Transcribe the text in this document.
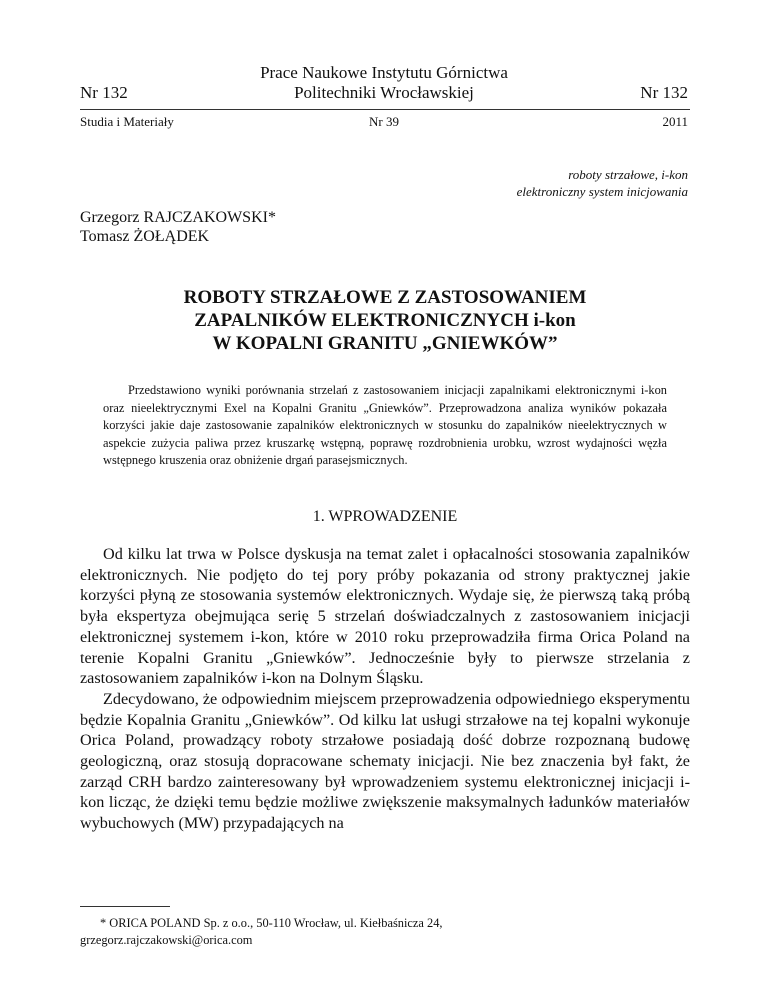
Nr 132
Prace Naukowe Instytutu Górnictwa
Politechniki Wrocławskiej	Nr 132
Studia i Materiały	Nr 39	2011
roboty strzałowe, i-kon
elektroniczny system inicjowania
Grzegorz RAJCZAKOWSKI*
Tomasz ŻOŁĄDEK
ROBOTY STRZAŁOWE Z ZASTOSOWANIEM
ZAPALNIKÓW ELEKTRONICZNYCH i-kon
W KOPALNI GRANITU „GNIEWKÓW”
Przedstawiono wyniki porównania strzelań z zastosowaniem inicjacji zapalnikami elektronicznymi i-kon oraz nieelektrycznymi Exel na Kopalni Granitu „Gniewków”. Przeprowadzona analiza wyników pokazała korzyści jakie daje zastosowanie zapalników elektronicznych w stosunku do zapalników nieelektrycznych w aspekcie zużycia paliwa przez kruszarkę wstępną, poprawę rozdrobnienia urobku, wzrost wydajności węzła wstępnego kruszenia oraz obniżenie drgań parasejsmicznych.
1. WPROWADZENIE

Od kilku lat trwa w Polsce dyskusja na temat zalet i opłacalności stosowania zapalników elektronicznych. Nie podjęto do tej pory próby pokazania od strony praktycznej jakie korzyści płyną ze stosowania systemów elektronicznych. Wydaje się, że pierwszą taką próbą była ekspertyza obejmująca serię 5 strzelań doświadczalnych z zastosowaniem inicjacji elektronicznej systemem i-kon, które w 2010 roku przeprowadziła firma Orica Poland na terenie Kopalni Granitu „Gniewków”. Jednocześnie były to pierwsze strzelania z zastosowaniem zapalników i-kon na Dolnym Śląsku.

Zdecydowano, że odpowiednim miejscem przeprowadzenia odpowiedniego eksperymentu będzie Kopalnia Granitu „Gniewków”. Od kilku lat usługi strzałowe na tej kopalni wykonuje Orica Poland, prowadzący roboty strzałowe posiadają dość dobrze rozpoznaną budowę geologiczną, oraz stosują dopracowane schematy inicjacji. Nie bez znaczenia był fakt, że zarząd CRH bardzo zainteresowany był wprowadzeniem systemu elektronicznej inicjacji i-kon licząc, że dzięki temu będzie możliwe zwiększenie maksymalnych ładunków materiałów wybuchowych (MW) przypadających na

* ORICA POLAND Sp. z o.o., 50-110 Wrocław, ul. Kiełbaśnicza 24,
grzegorz.rajczakowski@orica.com
